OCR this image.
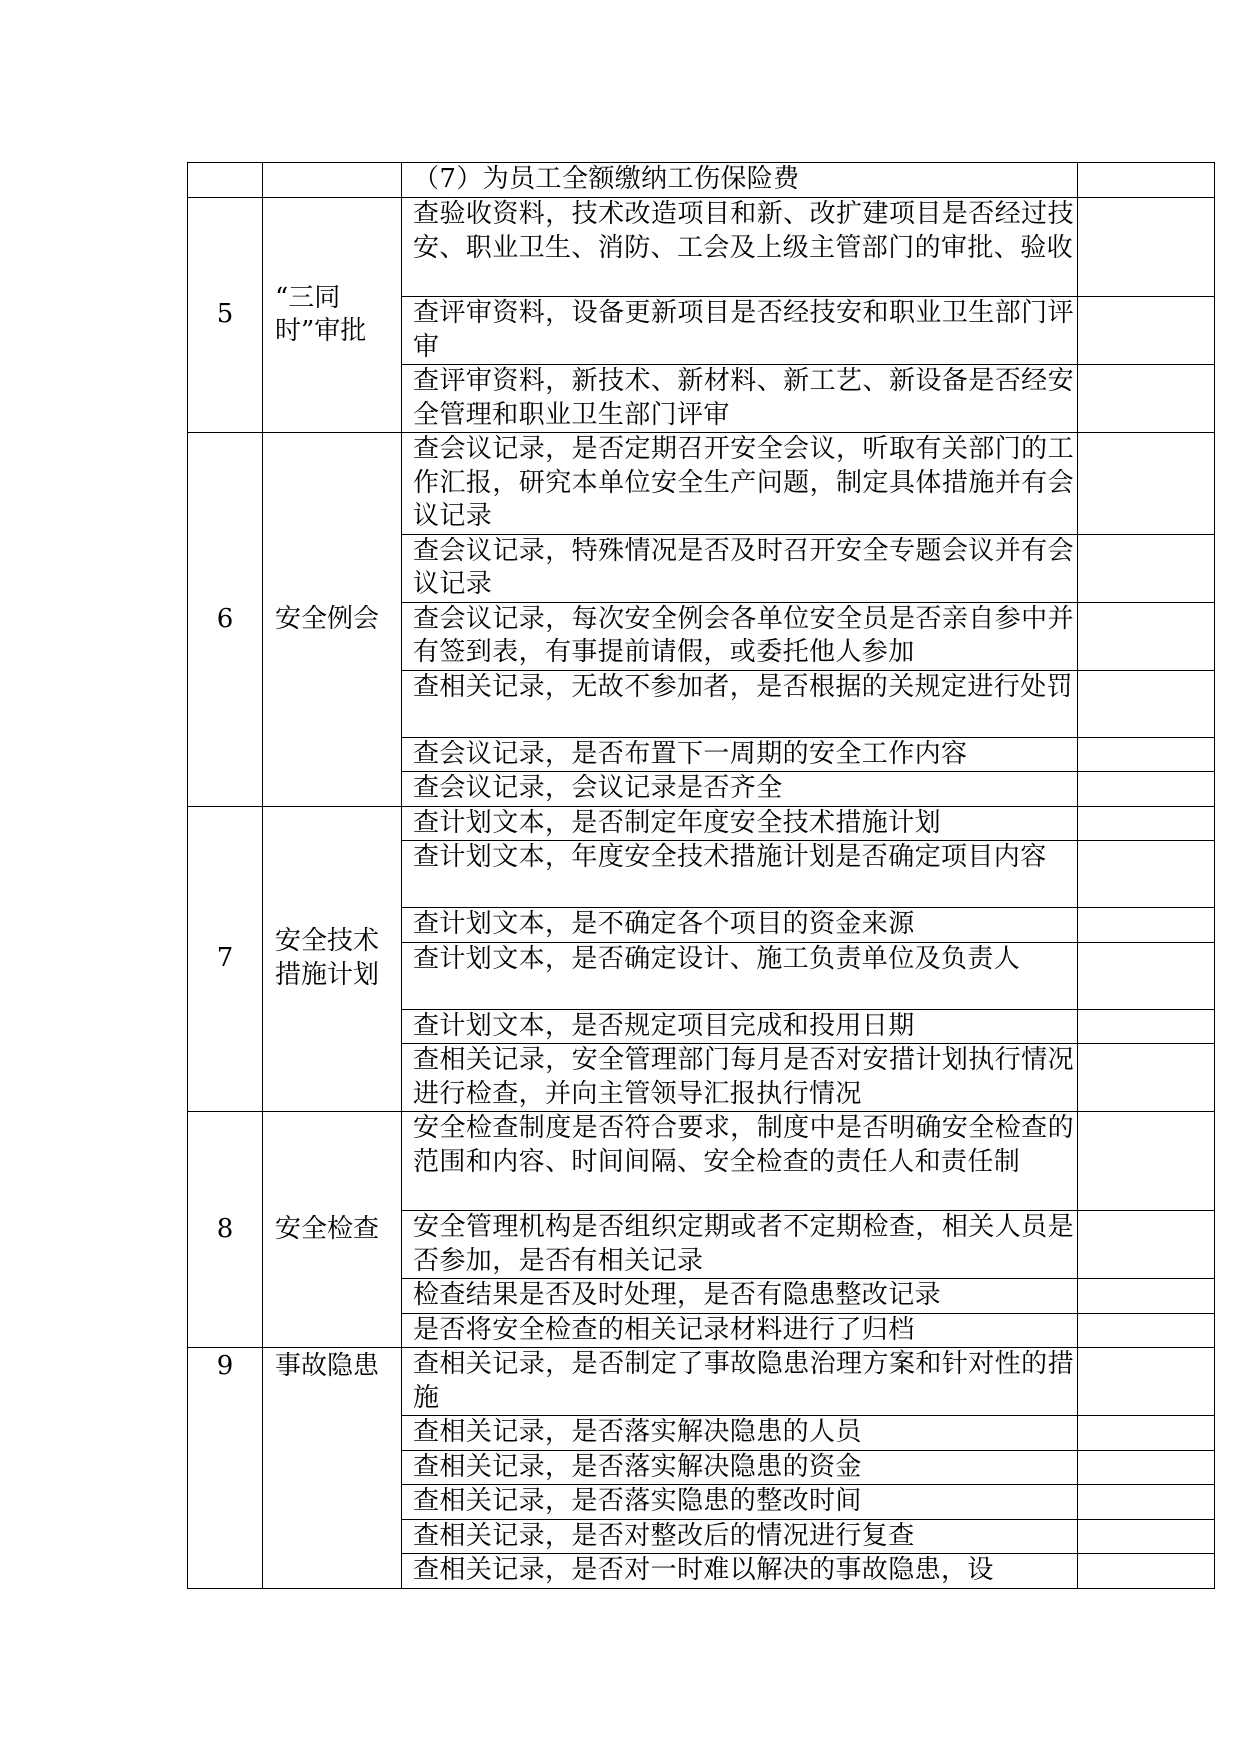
		（7）为员工全额缴纳工伤保险费	
5	“三同时”审批	查验收资料，技术改造项目和新、改扩建项目是否经过技安、职业卫生、消防、工会及上级主管部门的审批、验收	
		查评审资料，设备更新项目是否经技安和职业卫生部门评审	
		查评审资料，新技术、新材料、新工艺、新设备是否经安全管理和职业卫生部门评审	
6	安全例会	查会议记录，是否定期召开安全会议，听取有关部门的工作汇报，研究本单位安全生产问题，制定具体措施并有会议记录	
		查会议记录，特殊情况是否及时召开安全专题会议并有会议记录	
		查会议记录，每次安全例会各单位安全员是否亲自参中并有签到表，有事提前请假，或委托他人参加	
		查相关记录，无故不参加者，是否根据的关规定进行处罚	
		查会议记录，是否布置下一周期的安全工作内容	
		查会议记录，会议记录是否齐全	
7	安全技术措施计划	查计划文本，是否制定年度安全技术措施计划	
		查计划文本，年度安全技术措施计划是否确定项目内容	
		查计划文本，是不确定各个项目的资金来源	
		查计划文本，是否确定设计、施工负责单位及负责人	
		查计划文本，是否规定项目完成和投用日期	
		查相关记录，安全管理部门每月是否对安措计划执行情况进行检查，并向主管领导汇报执行情况	
8	安全检查	安全检查制度是否符合要求，制度中是否明确安全检查的范围和内容、时间间隔、安全检查的责任人和责任制	
		安全管理机构是否组织定期或者不定期检查，相关人员是否参加，是否有相关记录	
		检查结果是否及时处理，是否有隐患整改记录	
		是否将安全检查的相关记录材料进行了归档	
9	事故隐患	查相关记录，是否制定了事故隐患治理方案和针对性的措施	
		查相关记录，是否落实解决隐患的人员	
		查相关记录，是否落实解决隐患的资金	
		查相关记录，是否落实隐患的整改时间	
		查相关记录，是否对整改后的情况进行复查	
		查相关记录，是否对一时难以解决的事故隐患，设	
